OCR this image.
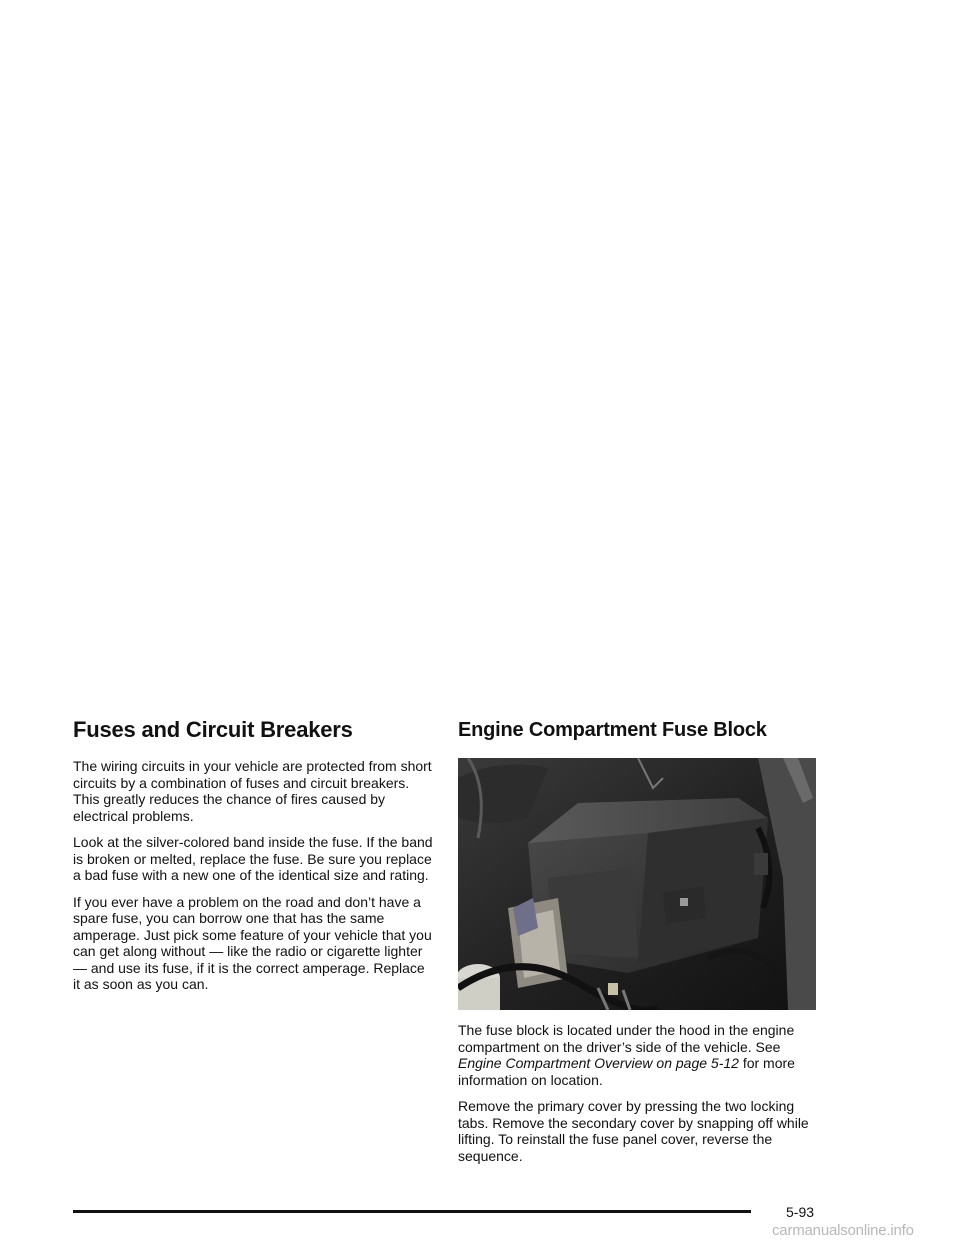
Fuses and Circuit Breakers

The wiring circuits in your vehicle are protected from short circuits by a combination of fuses and circuit breakers. This greatly reduces the chance of fires caused by electrical problems.

Look at the silver-colored band inside the fuse. If the band is broken or melted, replace the fuse. Be sure you replace a bad fuse with a new one of the identical size and rating.

If you ever have a problem on the road and don’t have a spare fuse, you can borrow one that has the same amperage. Just pick some feature of your vehicle that you can get along without — like the radio or cigarette lighter— and use its fuse, if it is the correct amperage. Replace it as soon as you can.

Engine Compartment Fuse Block

The fuse block is located under the hood in the engine compartment on the driver’s side of the vehicle. See Engine Compartment Overview on page 5-12 for more information on location.

Remove the primary cover by pressing the two locking tabs. Remove the secondary cover by snapping off while lifting. To reinstall the fuse panel cover, reverse the sequence.

5-93
carmanualsonline.info
